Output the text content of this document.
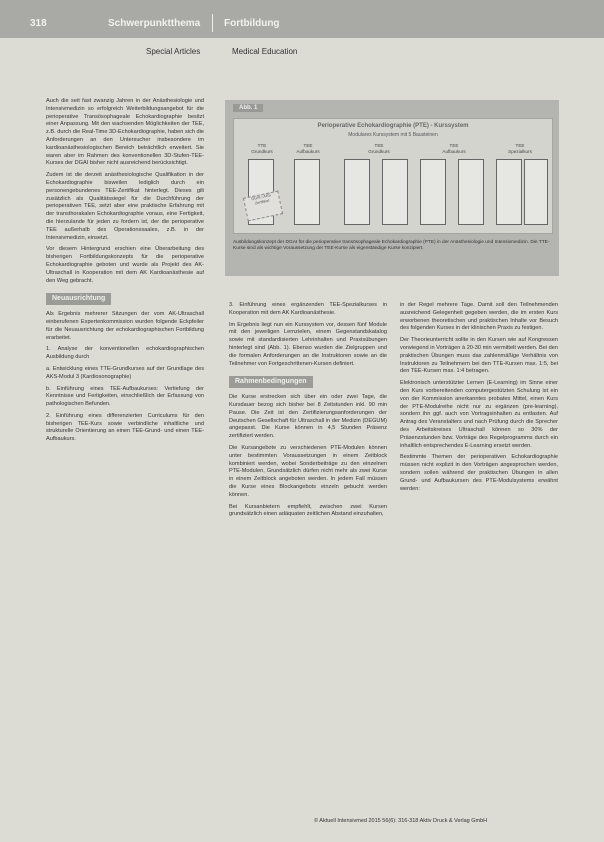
318	Schwerpunktthema Fortbildung
Special Articles	Medical Education

Auch die seit fast zwanzig Jahren in der Anästhesiologie und Intensivmedizin so erfolgreich Weiterbildungsangebot für die perioperative Transösophageale Echokardiographie besitzt einer Anpassung. Mit den wachsenden Möglichkeiten der TEE, z.B. durch die Real-Time 3D-Echokardiographie, haben sich die Anforderungen an den Untersucher insbesondere im kardioanästhesiologischen Bereich beträchtlich erweitert. Sie waren aber im Rahmen des konventionellen 3D-Stufen-TEE-Kurses der DGAI bisher nicht ausreichend berücksichtigt.

Zudem ist die derzeit anästhesiologische Qualifikation in der Echokardiographie bisweilen lediglich durch ein personengebundenes TEE-Zertifikat hinterlegt. Dieses gilt zusätzlich als Qualitätssiegel für die Durchführung der perioperativen TEE, setzt aber eine praktische Erfahrung mit der transthorakalen Echokardiographie voraus, eine Fertigkeit, die hierzulande für jeden zu fordern ist, der die perioperative TEE außerhalb des Operationssaales, z.B. in der Intensivmedizin, einsetzt.

Vor diesem Hintergrund erschien eine Überarbeitung des bisherigen Fortbildungskonzepts für die perioperative Echokardiographie geboten und wurde als Projekt des AK-Ultraschall in Kooperation mit dem AK Kardioanästhesie auf den Weg gebracht.

Neuausrichtung

Als Ergebnis mehrerer Sitzungen der vom AK-Ultraschall einberufenen Expertenkommission wurden folgende Eckpfeiler für die Neuausrichtung der echokardiographischen Fortbildung erarbeitet.

1. Analyse der konventionellen echokardiographischen Ausbildung durch

a. Entwicklung eines TTE-Grundkurses auf der Grundlage des AKS-Modul 3 (Kardiosonographie)

b. Einführung eines TEE-Aufbaukurses: Vertiefung der Kenntnisse und Fertigkeiten, einschließlich der Erfassung von pathologischen Befunden.

2. Einführung eines differenzierten Curriculums für den bisherigen TEE-Kurs sowie verbindliche inhaltliche und strukturelle Orientierung an einen TEE-Grund- und einen TEE-Aufbaukurs.

Abb. 1
Perioperative Echokardiographie (PTE) - Kurssystem
Modulares Kurssystem mit 5 Bausteinen
TTE
Grundkurs
TEE
Aufbaukurs
TEE
Grundkurs
TEE
Aufbaukurs
TEE
Spezialkurs
DGAI / AKS Zertifikat
Ausbildungskonzept der DGAI für die perioperative transösophageale Echokardiographie (PTE) in der Anästhesiologie und Intensivmedizin. Die TTE-Kurse sind als wichtige Voraussetzung der TEE-Kurse als eigenständige Kurse konzipiert.

3. Einführung eines ergänzenden TEE-Spezialkurses in Kooperation mit dem AK Kardioanästhesie.

Im Ergebnis liegt nun ein Kurssystem vor, dessen fünf Module mit den jeweiligen Lernzielen, einem Gegenstandskatalog sowie mit standardisierten Lehrinhalten und Praxisübungen hinterlegt sind (Abb. 1). Ebenso wurden die Zielgruppen und die formalen Anforderungen an die Instruktoren sowie an die Teilnehmer von Fortgeschrittenen-Kursen definiert.

Rahmenbedingungen

Die Kurse erstrecken sich über ein oder zwei Tage, die Kursdauer bezog sich bisher bei 8 Zeitstunden inkl. 90 min Pause. Die Zeit ist den Zertifizierungsanforderungen der Deutschen Gesellschaft für Ultraschall in der Medizin (DEGUM) angepasst. Die Kurse können in 4,5 Stunden Präsenz zertifiziert werden.

Die Kursangebote zu verschiedenen PTE-Modulen können unter bestimmten Voraussetzungen in einem Zeitblock kombiniert werden, wobei Sonderbeiträge zu den einzelnen PTE-Modulen, Grundsätzlich dürfen nicht mehr als zwei Kurse in einem Zeitblock angeboten werden. In jedem Fall müssen die Kurse eines Blockangebots einzeln gebucht werden können.

Bei Kursanbietern empfiehlt, zwischen zwei Kursen grundsätzlich einen adäquaten zeitlichen Abstand einzuhalten,

in der Regel mehrere Tage. Damit soll den Teilnehmenden ausreichend Gelegenheit gegeben werden, die im ersten Kurs erworbenen theoretischen und praktischen Inhalte vor Besuch des folgenden Kurses in der klinischen Praxis zu festigen.

Der Theorieunterricht sollte in den Kursen wie auf Kongressen vorwiegend in Vorträgen à 20-30 min vermittelt werden. Bei den praktischen Übungen muss das zahlenmäßige Verhältnis von Instruktoren zu Teilnehmern bei den TTE-Kursen max. 1:5, bei den TEE-Kursen max. 1:4 betragen.

Elektronisch unterstützter Lernen (E-Learning) im Sinne einer den Kurs vorbereitenden computergestützten Schulung ist ein von der Kommission anerkanntes probates Mittel, einen Kurs der PTE-Modulreihe nicht nur zu ergänzen (pre-learning), sondern ihn ggf. auch von Vortragsinhalten zu entlasten. Auf Antrag des Veranstalters und nach Prüfung durch die Sprecher des Arbeitskreises Ultraschall können so 30% der Präsenzstunden bzw. Vorträge des Regelprogramms durch ein inhaltlich entsprechendes E-Learning ersetzt werden.

Bestimmte Themen der perioperativen Echokardiographie müssen nicht explizit in den Vorträgen angesprochen werden, sondern sollen während der praktischen Übungen in allen Grund- und Aufbaukursen des PTE-Modulsystems erwähnt werden:

© Aktuell Intensivmed 2015 56(6): 316-318 Aktiv Druck & Verlag GmbH
